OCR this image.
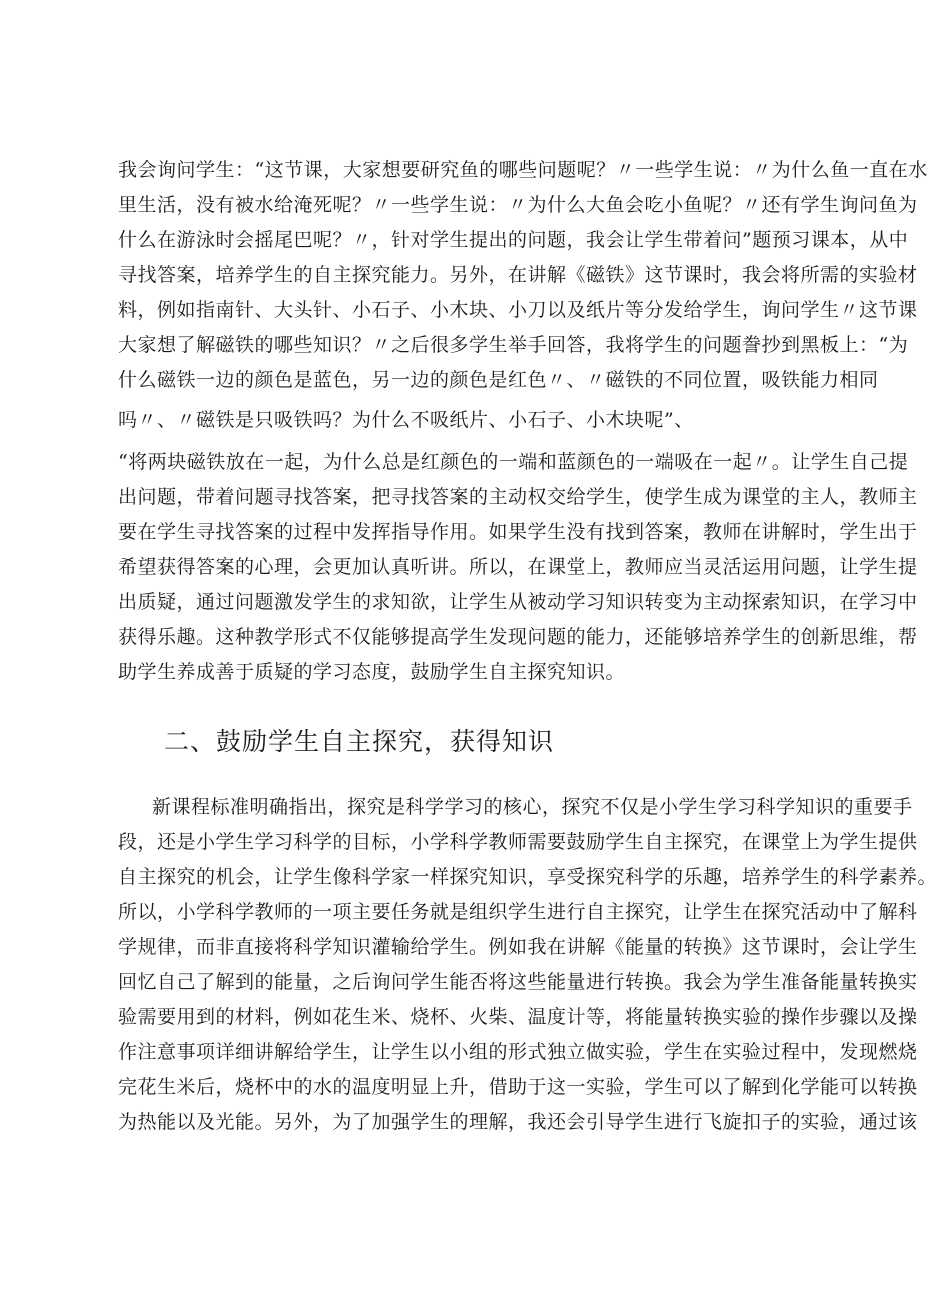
我会询问学生：“这节课，大家想要研究鱼的哪些问题呢？〃一些学生说：〃为什么鱼一直在水
里生活，没有被水给淹死呢？〃一些学生说：〃为什么大鱼会吃小鱼呢？〃还有学生询问鱼为
什么在游泳时会摇尾巴呢？〃，针对学生提出的问题，我会让学生带着问”题预习课本，从中
寻找答案，培养学生的自主探究能力。另外，在讲解《磁铁》这节课时，我会将所需的实验材
料，例如指南针、大头针、小石子、小木块、小刀以及纸片等分发给学生，询问学生〃这节课
大家想了解磁铁的哪些知识？〃之后很多学生举手回答，我将学生的问题誊抄到黑板上：“为
什么磁铁一边的颜色是蓝色，另一边的颜色是红色〃、〃磁铁的不同位置，吸铁能力相同
吗〃、〃磁铁是只吸铁吗？为什么不吸纸片、小石子、小木块呢”、
“将两块磁铁放在一起，为什么总是红颜色的一端和蓝颜色的一端吸在一起〃。让学生自己提
出问题，带着问题寻找答案，把寻找答案的主动权交给学生，使学生成为课堂的主人，教师主
要在学生寻找答案的过程中发挥指导作用。如果学生没有找到答案，教师在讲解时，学生出于
希望获得答案的心理，会更加认真听讲。所以，在课堂上，教师应当灵活运用问题，让学生提
出质疑，通过问题激发学生的求知欲，让学生从被动学习知识转变为主动探索知识，在学习中
获得乐趣。这种教学形式不仅能够提高学生发现问题的能力，还能够培养学生的创新思维，帮
助学生养成善于质疑的学习态度，鼓励学生自主探究知识。
二、鼓励学生自主探究，获得知识
新课程标准明确指出，探究是科学学习的核心，探究不仅是小学生学习科学知识的重要手
段，还是小学生学习科学的目标，小学科学教师需要鼓励学生自主探究，在课堂上为学生提供
自主探究的机会，让学生像科学家一样探究知识，享受探究科学的乐趣，培养学生的科学素养。
所以，小学科学教师的一项主要任务就是组织学生进行自主探究，让学生在探究活动中了解科
学规律，而非直接将科学知识灌输给学生。例如我在讲解《能量的转换》这节课时，会让学生
回忆自己了解到的能量，之后询问学生能否将这些能量进行转换。我会为学生准备能量转换实
验需要用到的材料，例如花生米、烧杯、火柴、温度计等，将能量转换实验的操作步骤以及操
作注意事项详细讲解给学生，让学生以小组的形式独立做实验，学生在实验过程中，发现燃烧
完花生米后，烧杯中的水的温度明显上升，借助于这一实验，学生可以了解到化学能可以转换
为热能以及光能。另外，为了加强学生的理解，我还会引导学生进行飞旋扣子的实验，通过该
